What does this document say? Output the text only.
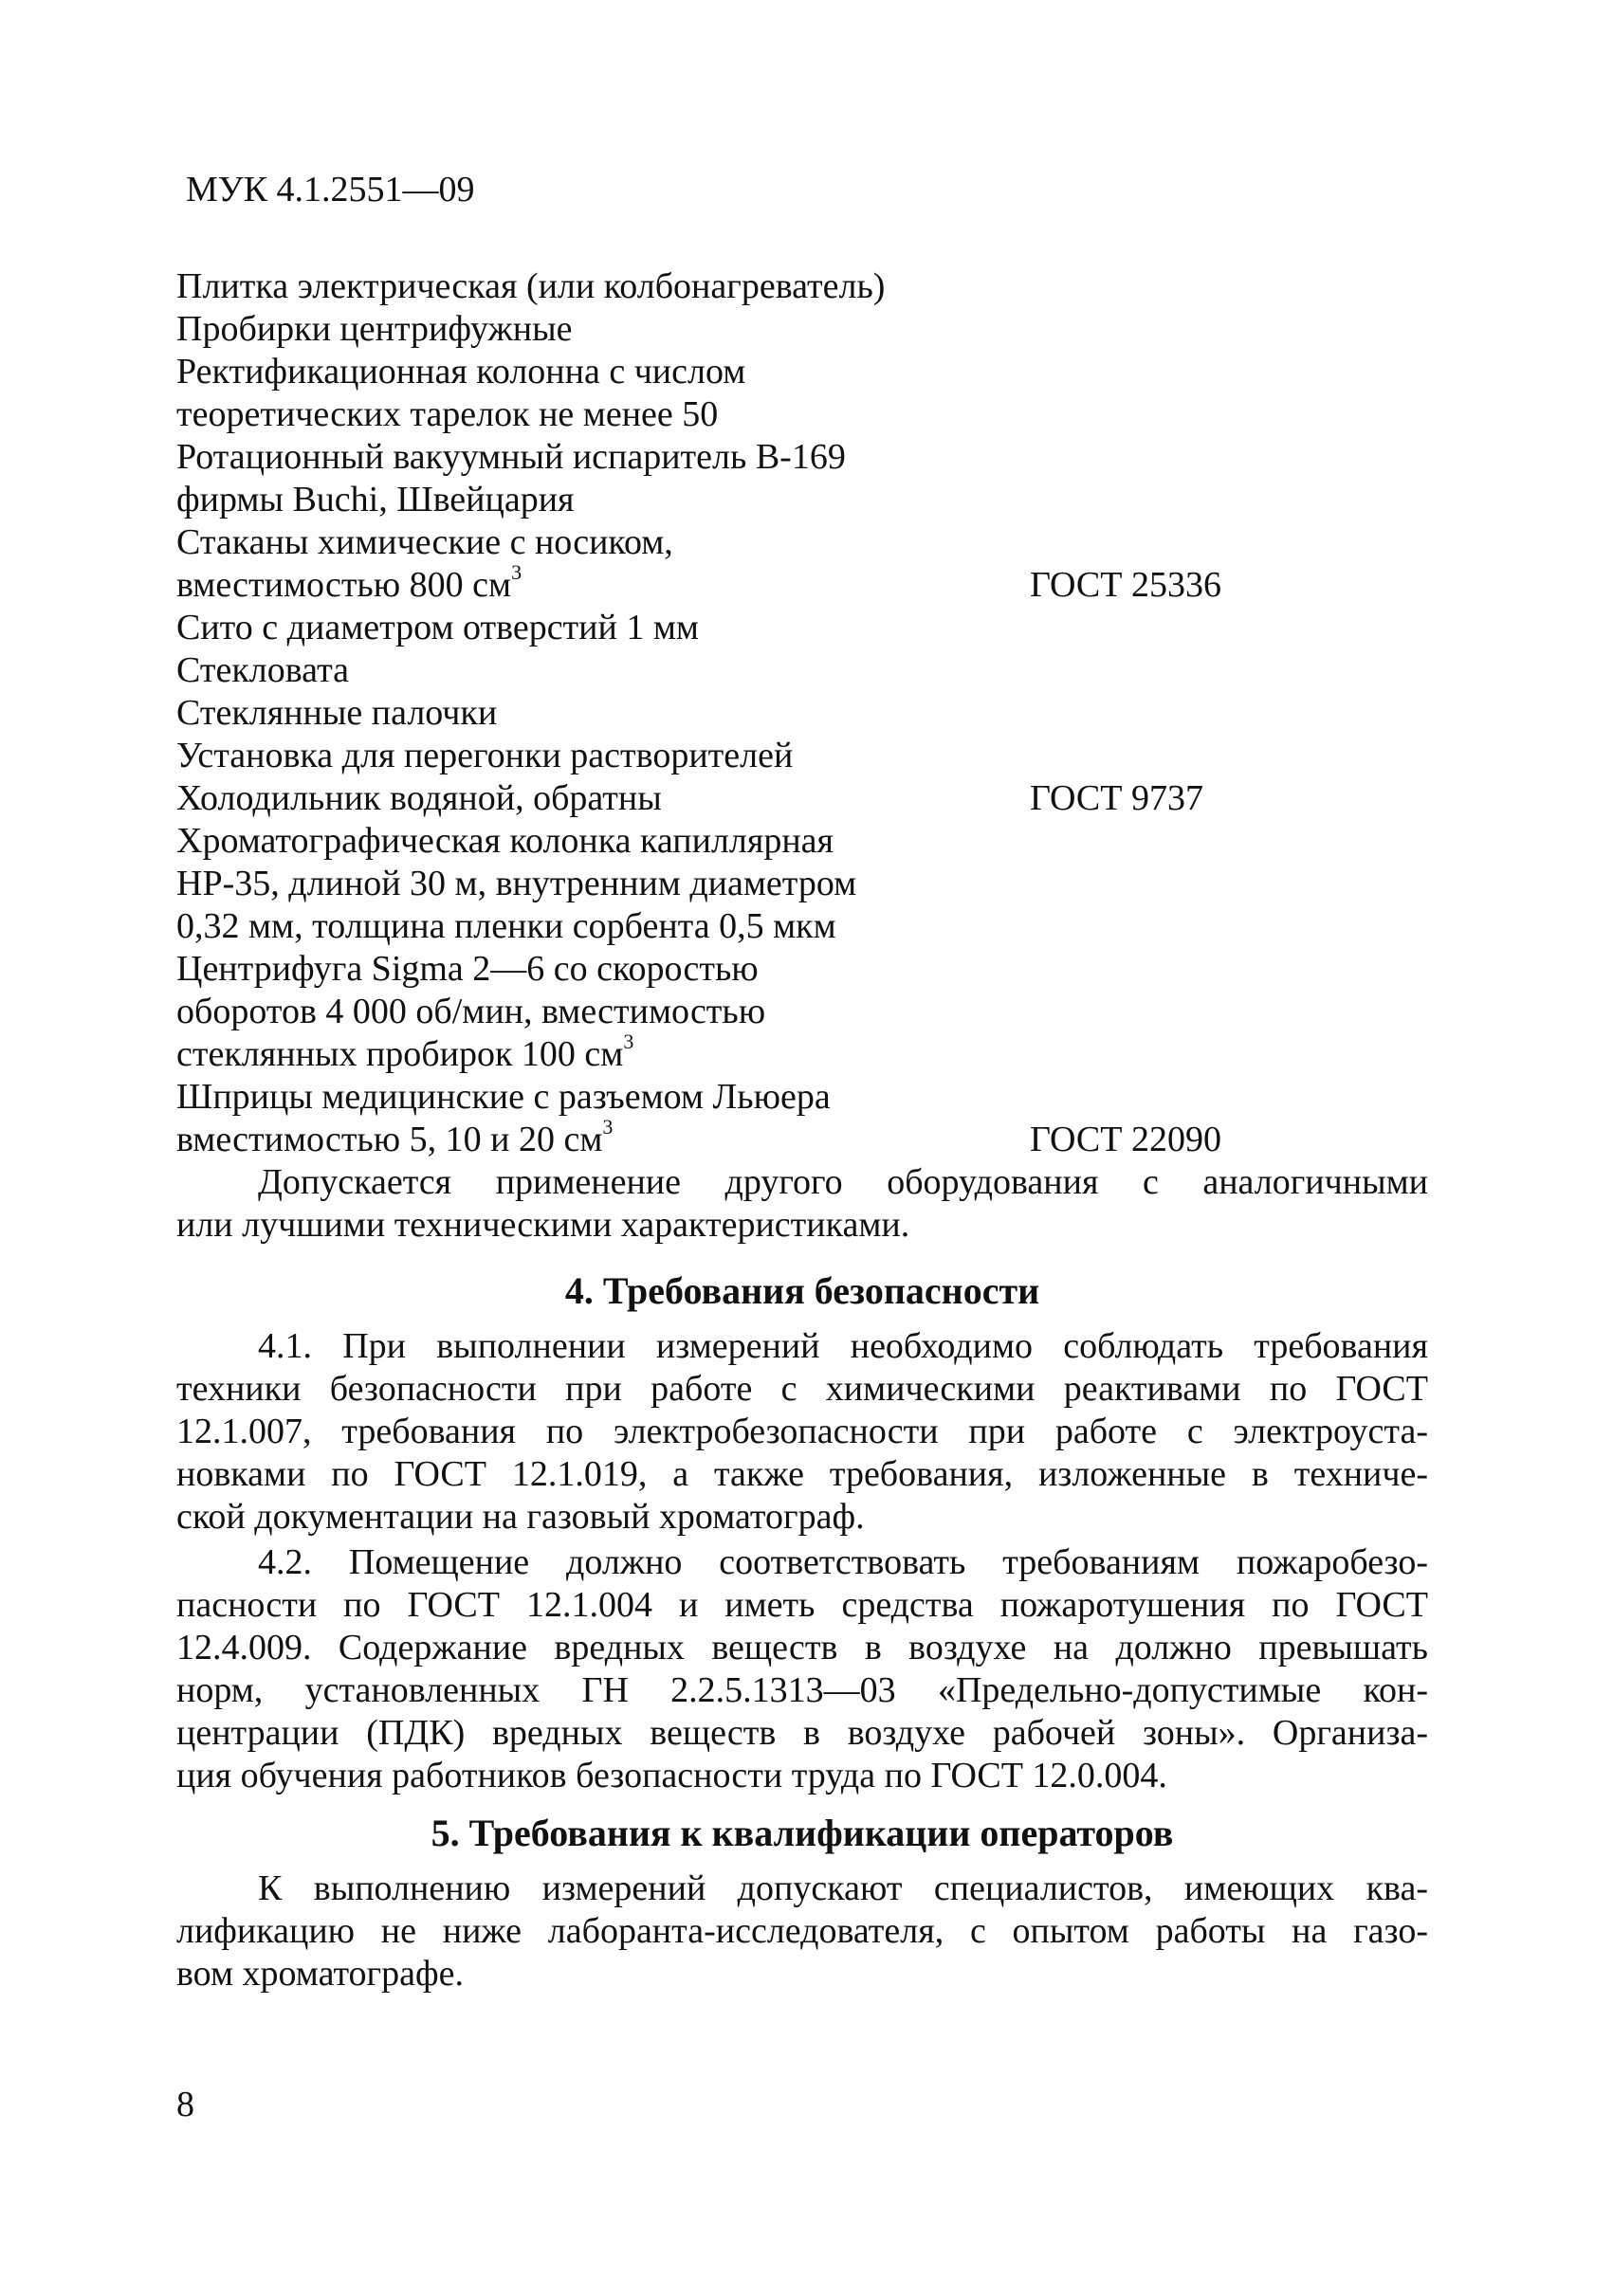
МУК 4.1.2551—09
Плитка электрическая (или колбонагреватель)
Пробирки центрифужные
Ректификационная колонна с числом
теоретических тарелок не менее 50
Ротационный вакуумный испаритель В-169
фирмы Buchi, Швейцария
Стаканы химические с носиком,
вместимостью 800 $см^3$	ГОСТ 25336
Сито с диаметром отверстий 1 мм
Стекловата
Стеклянные палочки
Установка для перегонки растворителей
Холодильник водяной, обратны	ГОСТ 9737
Хроматографическая колонка капиллярная
HP-35, длиной 30 м, внутренним диаметром
0,32 мм, толщина пленки сорбента 0,5 мкм
Центрифуга Sigma 2—6 со скоростью
оборотов 4 000 об/мин, вместимостью
стеклянных пробирок 100 $см^3$
Шприцы медицинские с разъемом Льюера
вместимостью 5, 10 и 20 $см^3$	ГОСТ 22090
Допускается применение другого оборудования с аналогичными
или лучшими техническими характеристиками.
4. Требования безопасности
4.1. При выполнении измерений необходимо соблюдать требования
техники безопасности при работе с химическими реактивами по ГОСТ
12.1.007, требования по электробезопасности при работе с электроуста-
новками по ГОСТ 12.1.019, а также требования, изложенные в техниче-
ской документации на газовый хроматограф.
4.2. Помещение должно соответствовать требованиям пожаробезо-
пасности по ГОСТ 12.1.004 и иметь средства пожаротушения по ГОСТ
12.4.009. Содержание вредных веществ в воздухе на должно превышать
норм, установленных ГН 2.2.5.1313—03 «Предельно-допустимые кон-
центрации (ПДК) вредных веществ в воздухе рабочей зоны». Организа-
ция обучения работников безопасности труда по ГОСТ 12.0.004.
5. Требования к квалификации операторов
К выполнению измерений допускают специалистов, имеющих ква-
лификацию не ниже лаборанта-исследователя, с опытом работы на газо-
вом хроматографе.
8
